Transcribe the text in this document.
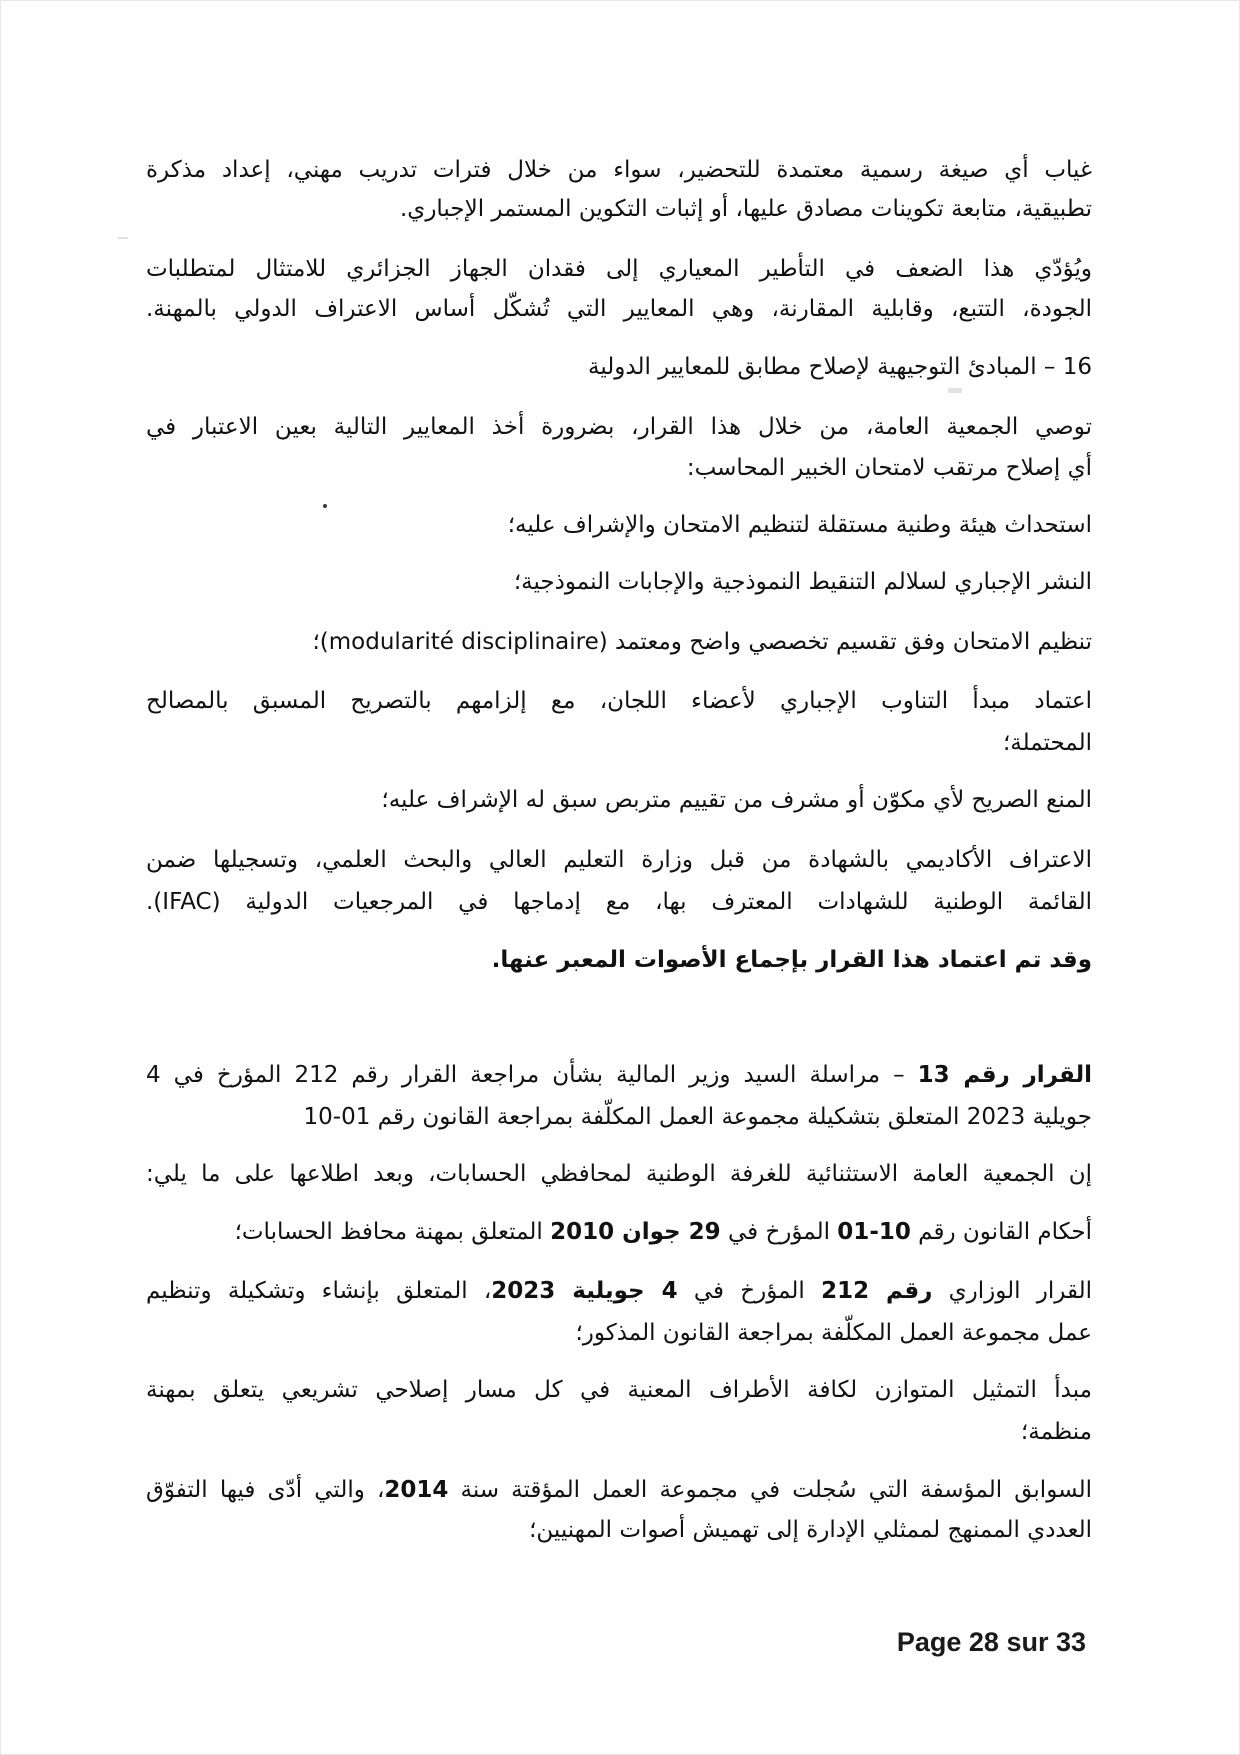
غياب أي صيغة رسمية معتمدة للتحضير، سواء من خلال فترات تدريب مهني، إعداد مذكرة
تطبيقية، متابعة تكوينات مصادق عليها، أو إثبات التكوين المستمر الإجباري.
ويُؤدّي هذا الضعف في التأطير المعياري إلى فقدان الجهاز الجزائري للامتثال لمتطلبات
الجودة، التتبع، وقابلية المقارنة، وهي المعايير التي تُشكّل أساس الاعتراف الدولي بالمهنة.
16 – المبادئ التوجيهية لإصلاح مطابق للمعايير الدولية
توصي الجمعية العامة، من خلال هذا القرار، بضرورة أخذ المعايير التالية بعين الاعتبار في
أي إصلاح مرتقب لامتحان الخبير المحاسب:
استحداث هيئة وطنية مستقلة لتنظيم الامتحان والإشراف عليه؛
النشر الإجباري لسلالم التنقيط النموذجية والإجابات النموذجية؛
تنظيم الامتحان وفق تقسيم تخصصي واضح ومعتمد (modularité disciplinaire)؛
اعتماد مبدأ التناوب الإجباري لأعضاء اللجان، مع إلزامهم بالتصريح المسبق بالمصالح
المحتملة؛
المنع الصريح لأي مكوّن أو مشرف من تقييم متربص سبق له الإشراف عليه؛
الاعتراف الأكاديمي بالشهادة من قبل وزارة التعليم العالي والبحث العلمي، وتسجيلها ضمن
القائمة الوطنية للشهادات المعترف بها، مع إدماجها في المرجعيات الدولية (IFAC).
وقد تم اعتماد هذا القرار بإجماع الأصوات المعبر عنها.
القرار رقم 13 – مراسلة السيد وزير المالية بشأن مراجعة القرار رقم 212 المؤرخ في 4
جويلية 2023 المتعلق بتشكيلة مجموعة العمل المكلّفة بمراجعة القانون رقم 01-10
إن الجمعية العامة الاستثنائية للغرفة الوطنية لمحافظي الحسابات، وبعد اطلاعها على ما يلي:
أحكام القانون رقم 10-01 المؤرخ في 29 جوان 2010 المتعلق بمهنة محافظ الحسابات؛
القرار الوزاري رقم 212 المؤرخ في 4 جويلية 2023، المتعلق بإنشاء وتشكيلة وتنظيم
عمل مجموعة العمل المكلّفة بمراجعة القانون المذكور؛
مبدأ التمثيل المتوازن لكافة الأطراف المعنية في كل مسار إصلاحي تشريعي يتعلق بمهنة
منظمة؛
السوابق المؤسفة التي سُجلت في مجموعة العمل المؤقتة سنة 2014، والتي أدّى فيها التفوّق
العددي الممنهج لممثلي الإدارة إلى تهميش أصوات المهنيين؛
Page 28 sur 33
